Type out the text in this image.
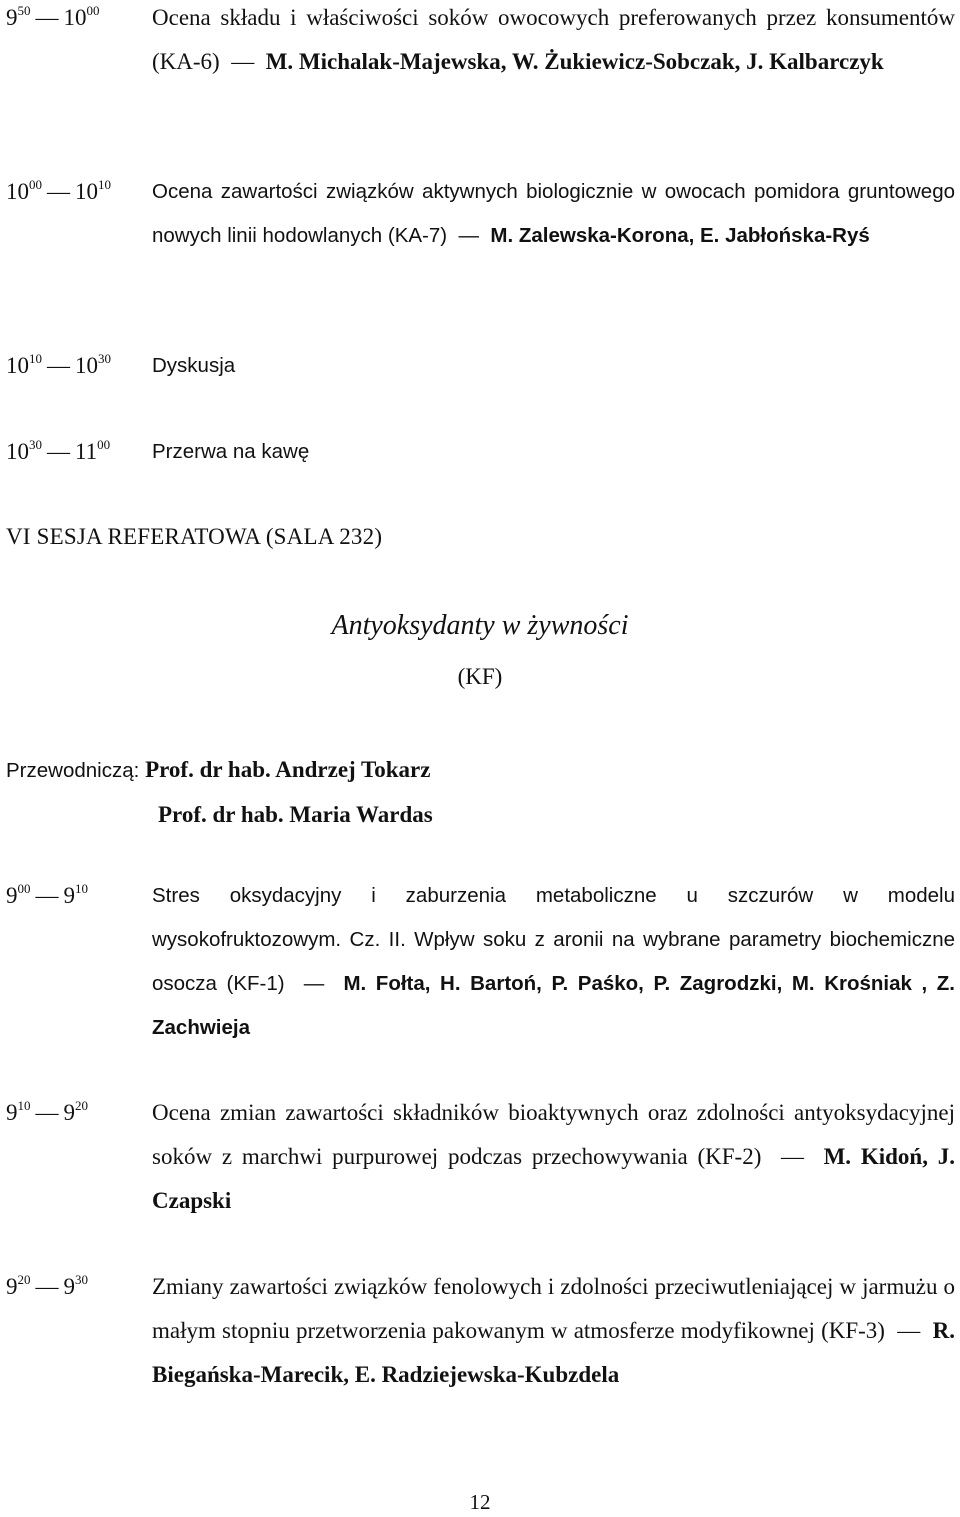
$9^{50}$ — $10^{00}$ Ocena składu i właściwości soków owocowych preferowanych przez konsumentów (KA-6)  —  M. Michalak-Majewska, W. Żukiewicz-Sobczak, J. Kalbarczyk
$10^{00}$ — $10^{10}$ Ocena zawartości związków aktywnych biologicznie w owocach pomidora gruntowego nowych linii hodowlanych (KA-7)  —  M. Zalewska-Korona, E. Jabłońska-Ryś
$10^{10}$ — $10^{30}$ Dyskusja
$10^{30}$ — $11^{00}$ Przerwa na kawę
VI SESJA REFERATOWA (SALA 232)
Antyoksydanty w żywności
(KF)
Przewodniczą: Prof. dr hab. Andrzej Tokarz
Prof. dr hab. Maria Wardas
$9^{00}$ — $9^{10}$	Stres oksydacyjny i zaburzenia metaboliczne u szczurów w modelu wysokofruktozowym. Cz. II. Wpływ soku z aronii na wybrane parametry biochemiczne osocza (KF-1)  —  M. Fołta, H. Bartoń, P. Paśko, P. Zagrodzki, M. Krośniak , Z. Zachwieja
$9^{10}$ — $9^{20}$	Ocena zmian zawartości składników bioaktywnych oraz zdolności antyoksydacyjnej soków z marchwi purpurowej podczas przechowywania (KF-2)  —  M. Kidoń, J. Czapski
$9^{20}$ — $9^{30}$	Zmiany zawartości związków fenolowych i zdolności przeciwutleniającej w jarmużu o małym stopniu przetworzenia pakowanym w atmosferze modyfikownej (KF-3)  —  R. Biegańska-Marecik, E. Radziejewska-Kubzdela
12
